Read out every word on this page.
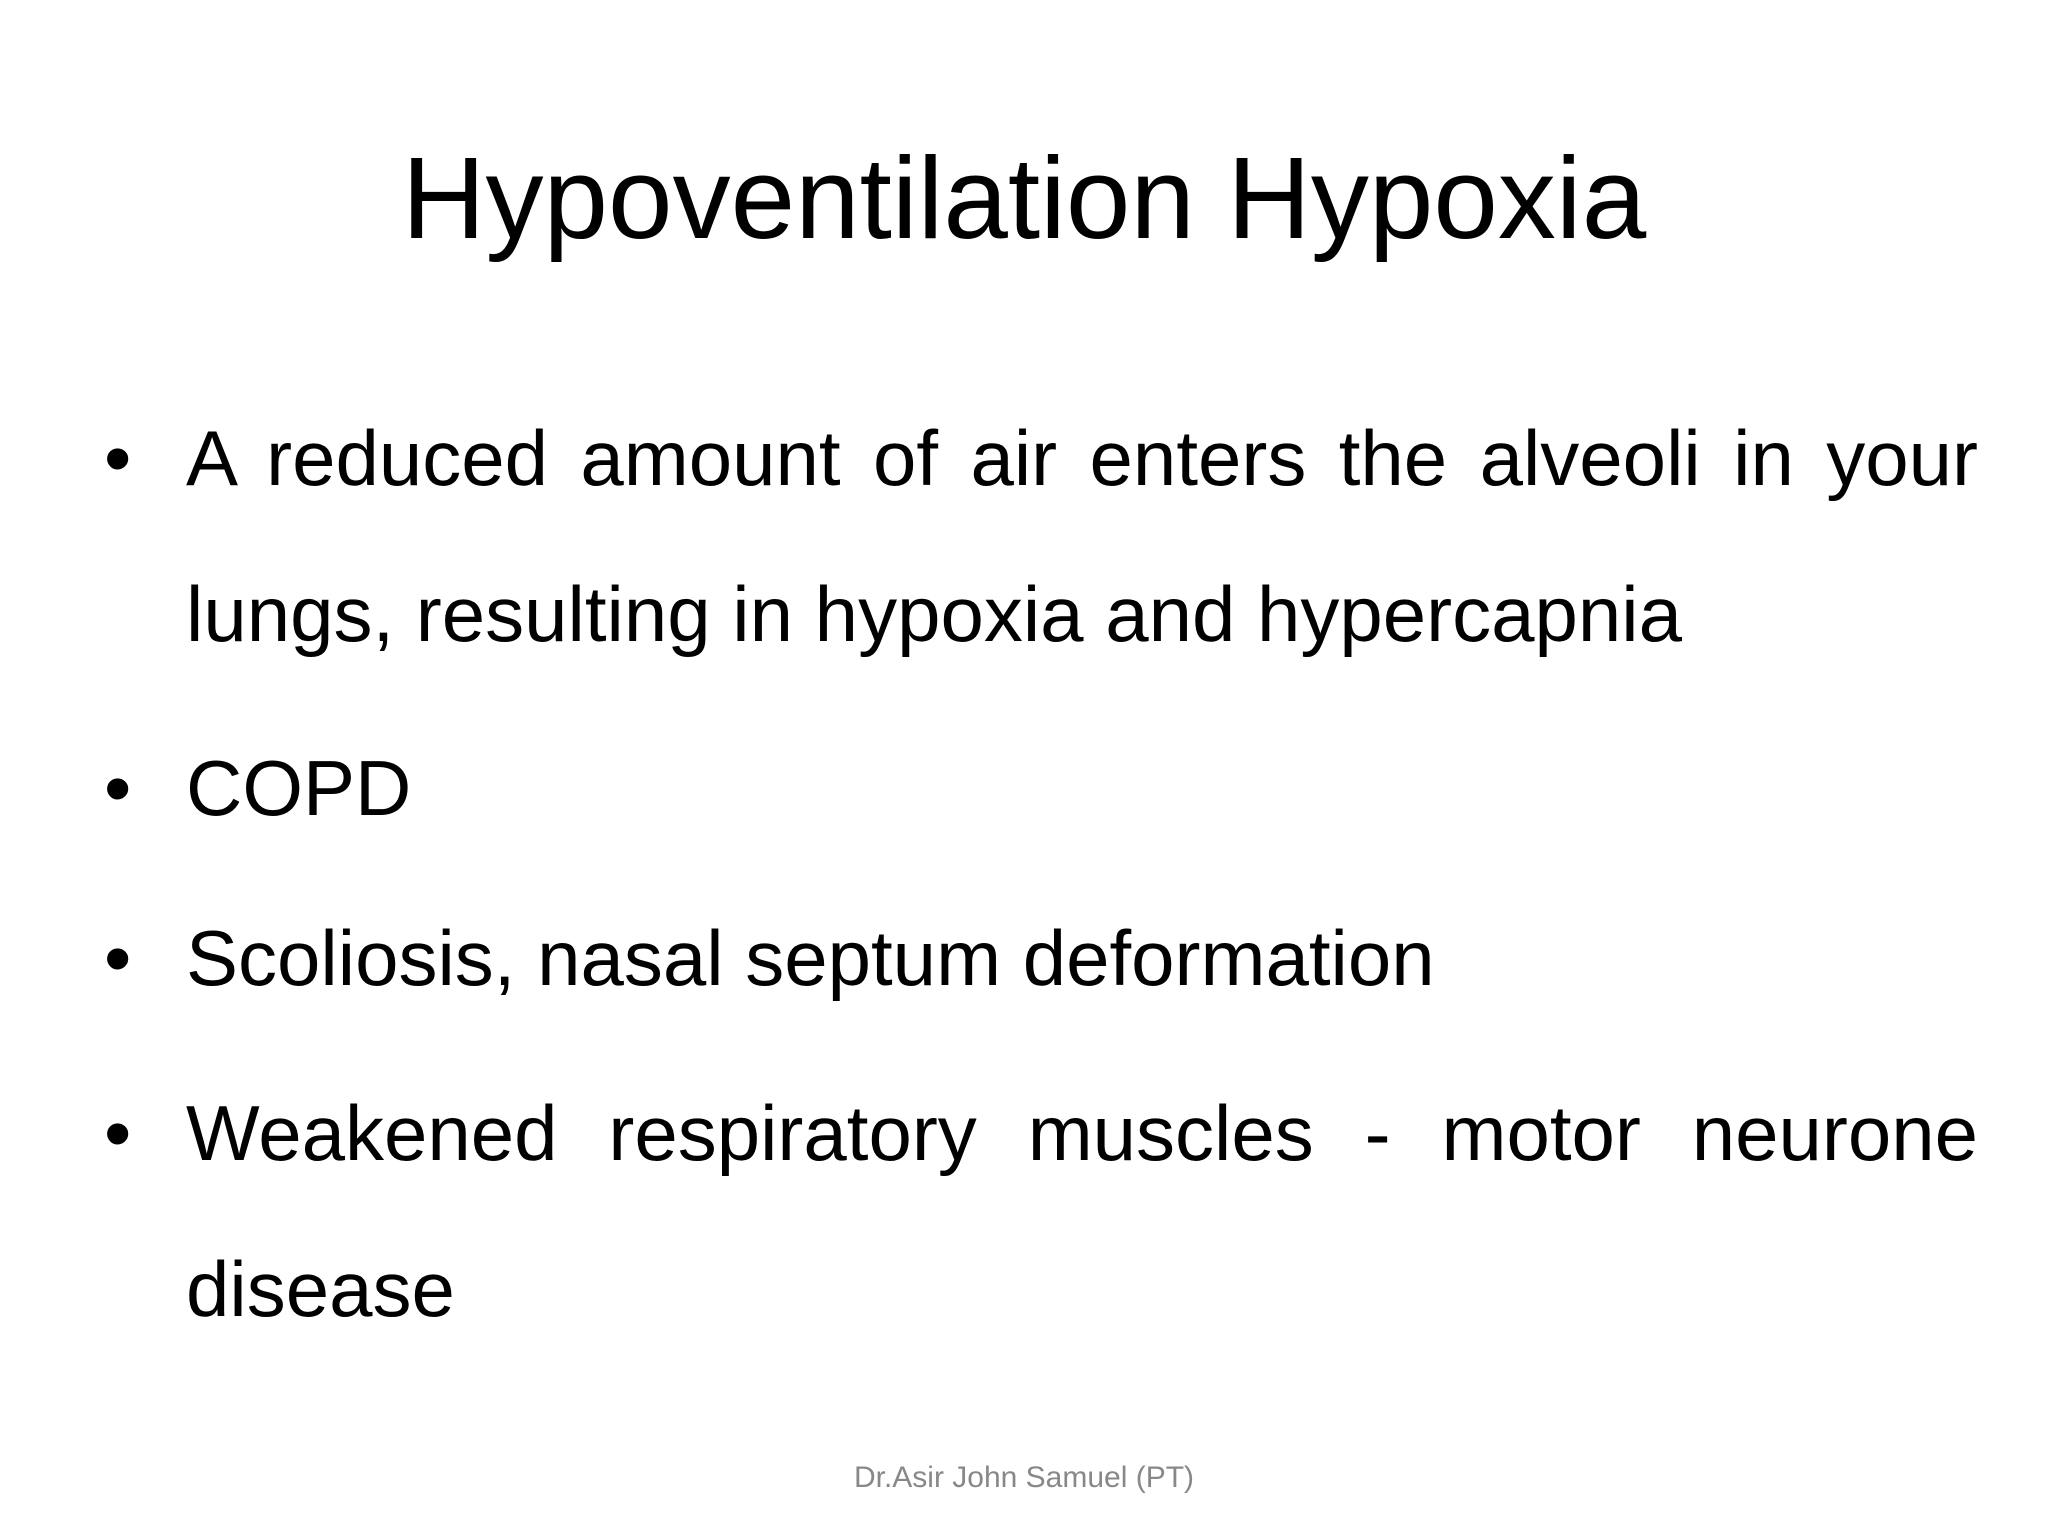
Hypoventilation Hypoxia
• A reduced amount of air enters the alveoli in your lungs, resulting in hypoxia and hypercapnia
• COPD
• Scoliosis, nasal septum deformation
• Weakened respiratory muscles - motor neurone disease
Dr.Asir John Samuel (PT)
